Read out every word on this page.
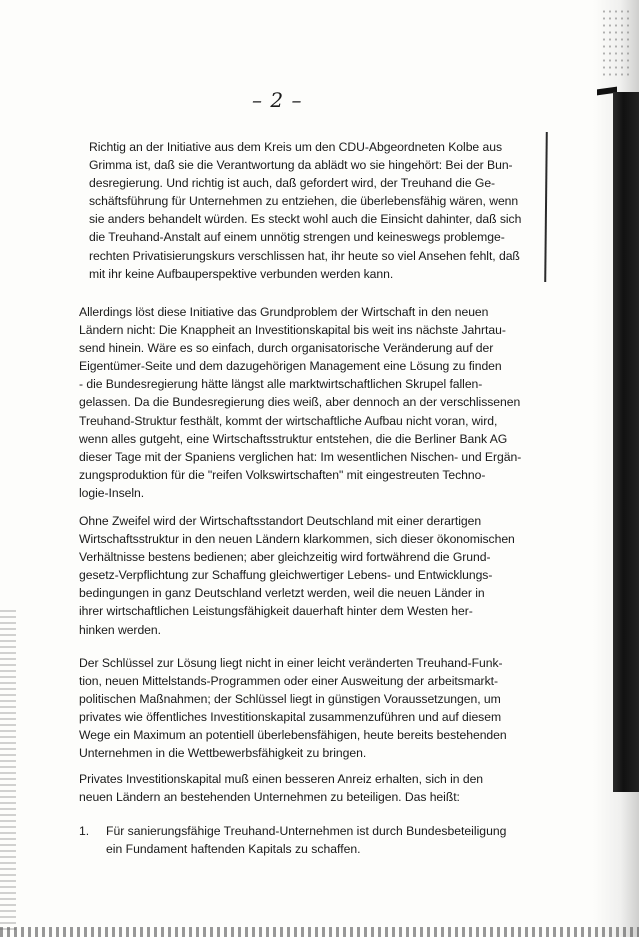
– 2 –

Richtig an der Initiative aus dem Kreis um den CDU-Abgeordneten Kolbe aus
Grimma ist, daß sie die Verantwortung da ablädt wo sie hingehört: Bei der Bun-
desregierung. Und richtig ist auch, daß gefordert wird, der Treuhand die Ge-
schäftsführung für Unternehmen zu entziehen, die überlebensfähig wären, wenn
sie anders behandelt würden. Es steckt wohl auch die Einsicht dahinter, daß sich
die Treuhand-Anstalt auf einem unnötig strengen und keineswegs problemge-
rechten Privatisierungskurs verschlissen hat, ihr heute so viel Ansehen fehlt, daß
mit ihr keine Aufbauperspektive verbunden werden kann.

Allerdings löst diese Initiative das Grundproblem der Wirtschaft in den neuen
Ländern nicht: Die Knappheit an Investitionskapital bis weit ins nächste Jahrtau-
send hinein. Wäre es so einfach, durch organisatorische Veränderung auf der
Eigentümer-Seite und dem dazugehörigen Management eine Lösung zu finden
- die Bundesregierung hätte längst alle marktwirtschaftlichen Skrupel fallen-
gelassen. Da die Bundesregierung dies weiß, aber dennoch an der verschlissenen
Treuhand-Struktur festhält, kommt der wirtschaftliche Aufbau nicht voran, wird,
wenn alles gutgeht, eine Wirtschaftsstruktur entstehen, die die Berliner Bank AG
dieser Tage mit der Spaniens verglichen hat: Im wesentlichen Nischen- und Ergän-
zungsproduktion für die "reifen Volkswirtschaften" mit eingestreuten Techno-
logie-Inseln.

Ohne Zweifel wird der Wirtschaftsstandort Deutschland mit einer derartigen
Wirtschaftsstruktur in den neuen Ländern klarkommen, sich dieser ökonomischen
Verhältnisse bestens bedienen; aber gleichzeitig wird fortwährend die Grund-
gesetz-Verpflichtung zur Schaffung gleichwertiger Lebens- und Entwicklungs-
bedingungen in ganz Deutschland verletzt werden, weil die neuen Länder in
ihrer wirtschaftlichen Leistungsfähigkeit dauerhaft hinter dem Westen her-
hinken werden.

Der Schlüssel zur Lösung liegt nicht in einer leicht veränderten Treuhand-Funk-
tion, neuen Mittelstands-Programmen oder einer Ausweitung der arbeitsmarkt-
politischen Maßnahmen; der Schlüssel liegt in günstigen Voraussetzungen, um
privates wie öffentliches Investitionskapital zusammenzuführen und auf diesem
Wege ein Maximum an potentiell überlebensfähigen, heute bereits bestehenden
Unternehmen in die Wettbewerbsfähigkeit zu bringen.

Privates Investitionskapital muß einen besseren Anreiz erhalten, sich in den
neuen Ländern an bestehenden Unternehmen zu beteiligen. Das heißt:

1. Für sanierungsfähige Treuhand-Unternehmen ist durch Bundesbeteiligung
ein Fundament haftenden Kapitals zu schaffen.
